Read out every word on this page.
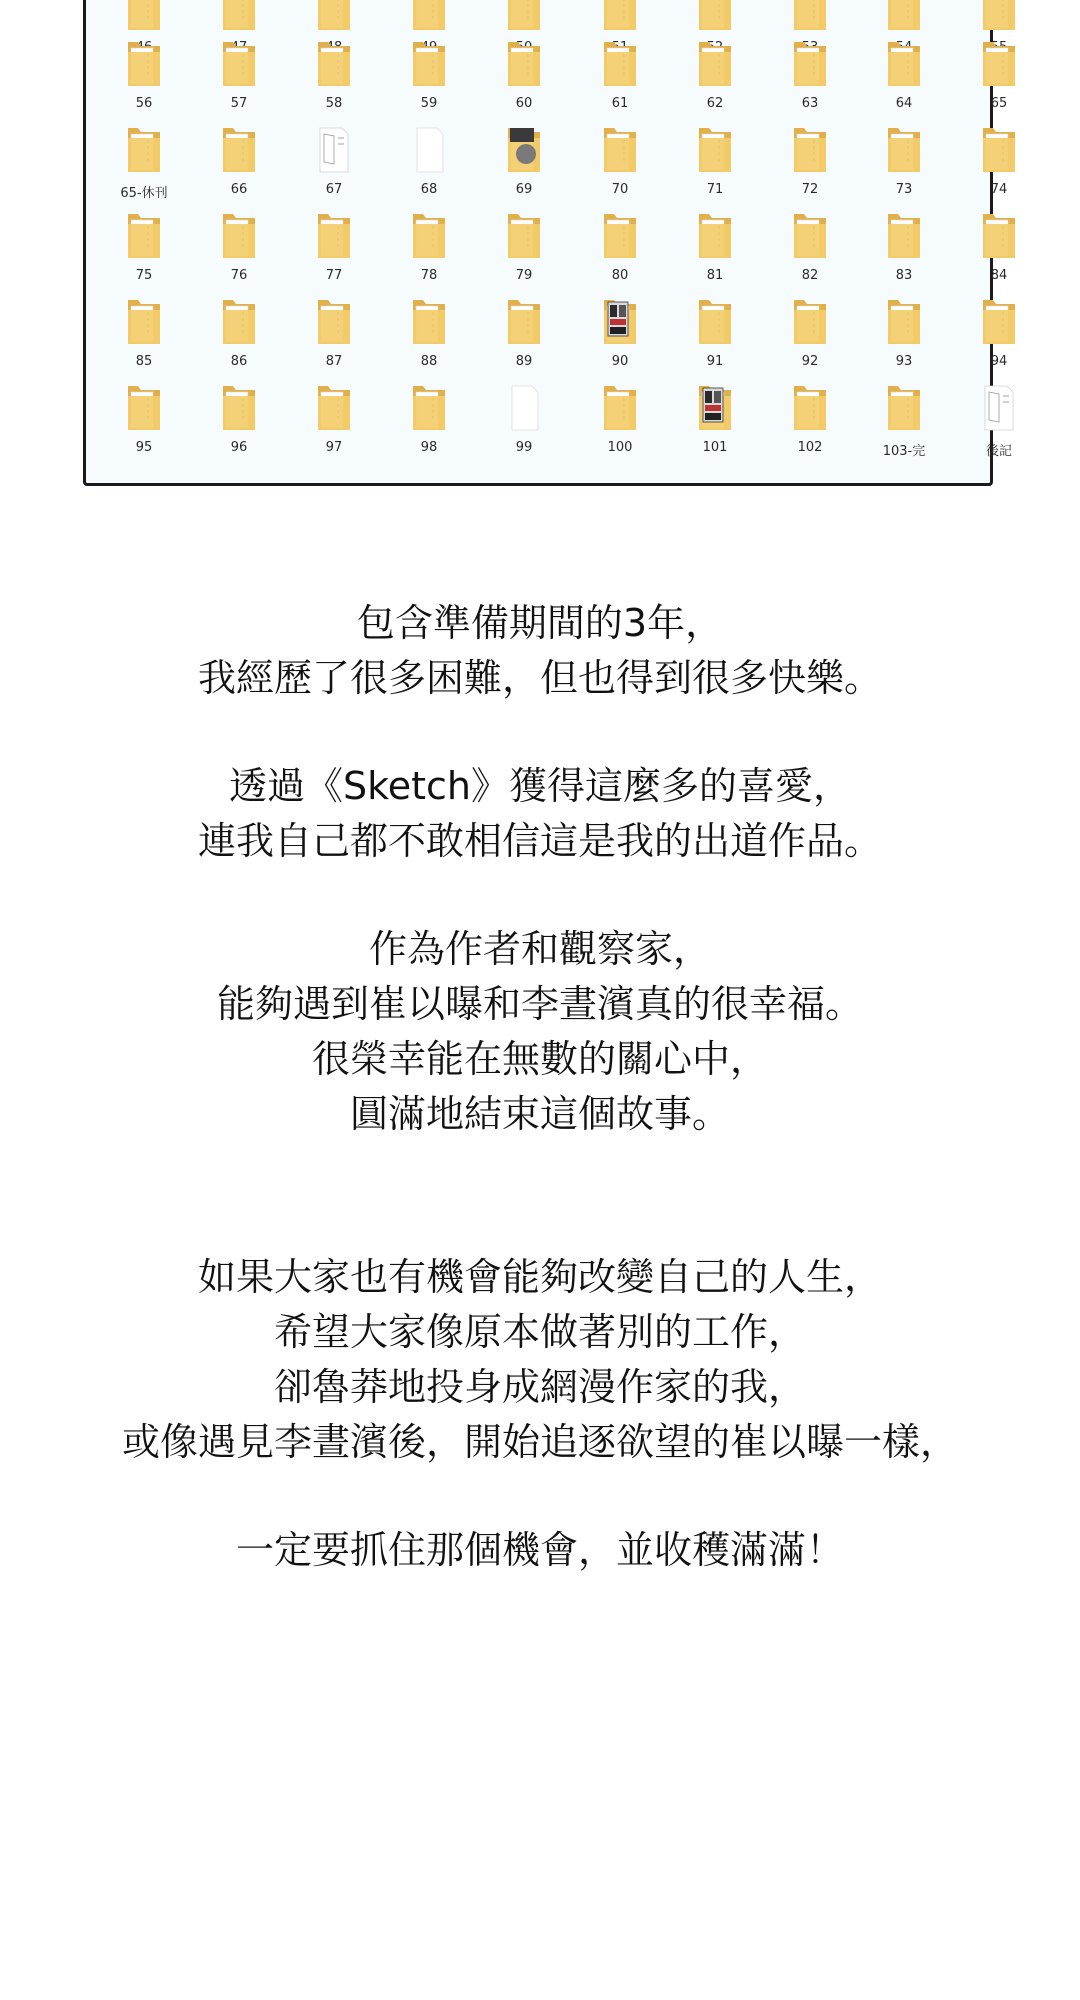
56	57	58	59	60	61	62	63	64	65
65-休刊	66	67	68	69	70	71	72	73	74
75	76	77	78	79	80	81	82	83	84
85	86	87	88	89	90	91	92	93	94
95	96	97	98	99	100	101	102	103-完	後記
包含準備期間的3年，
我經歷了很多困難，但也得到很多快樂。
透過《Sketch》獲得這麼多的喜愛，
連我自己都不敢相信這是我的出道作品。
作為作者和觀察家，
能夠遇到崔以曝和李晝濱真的很幸福。
很榮幸能在無數的關心中，
圓滿地結束這個故事。
如果大家也有機會能夠改變自己的人生，
希望大家像原本做著別的工作，
卻魯莽地投身成網漫作家的我，
或像遇見李晝濱後，開始追逐欲望的崔以曝一樣，
一定要抓住那個機會，並收穫滿滿！
